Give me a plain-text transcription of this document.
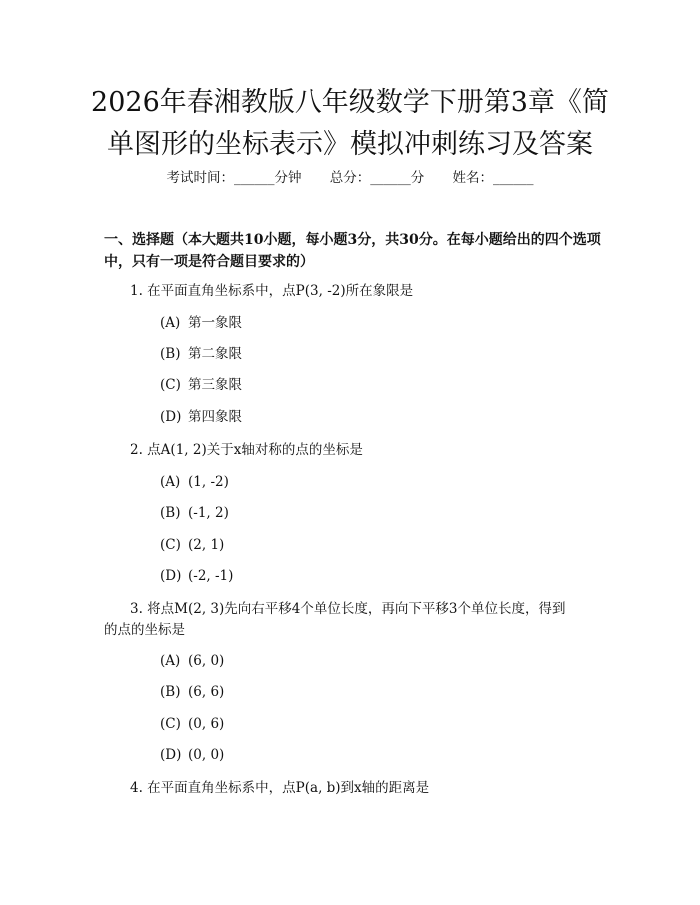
2026年春湘教版八年级数学下册第3章《简
单图形的坐标表示》模拟冲刺练习及答案
考试时间：______分钟 总分：______分 姓名：______

一、选择题（本大题共10小题，每小题3分，共30分。在每小题给出的四个选项中，只有一项是符合题目要求的）

1. 在平面直角坐标系中，点P(3, -2)所在象限是

(A) 第一象限

(B) 第二象限

(C) 第三象限

(D) 第四象限

2. 点A(1, 2)关于x轴对称的点的坐标是

(A) (1, -2)

(B) (-1, 2)

(C) (2, 1)

(D) (-2, -1)

3. 将点M(2, 3)先向右平移4个单位长度，再向下平移3个单位长度，得到

的点的坐标是

(A) (6, 0)

(B) (6, 6)

(C) (0, 6)

(D) (0, 0)

4. 在平面直角坐标系中，点P(a, b)到x轴的距离是
